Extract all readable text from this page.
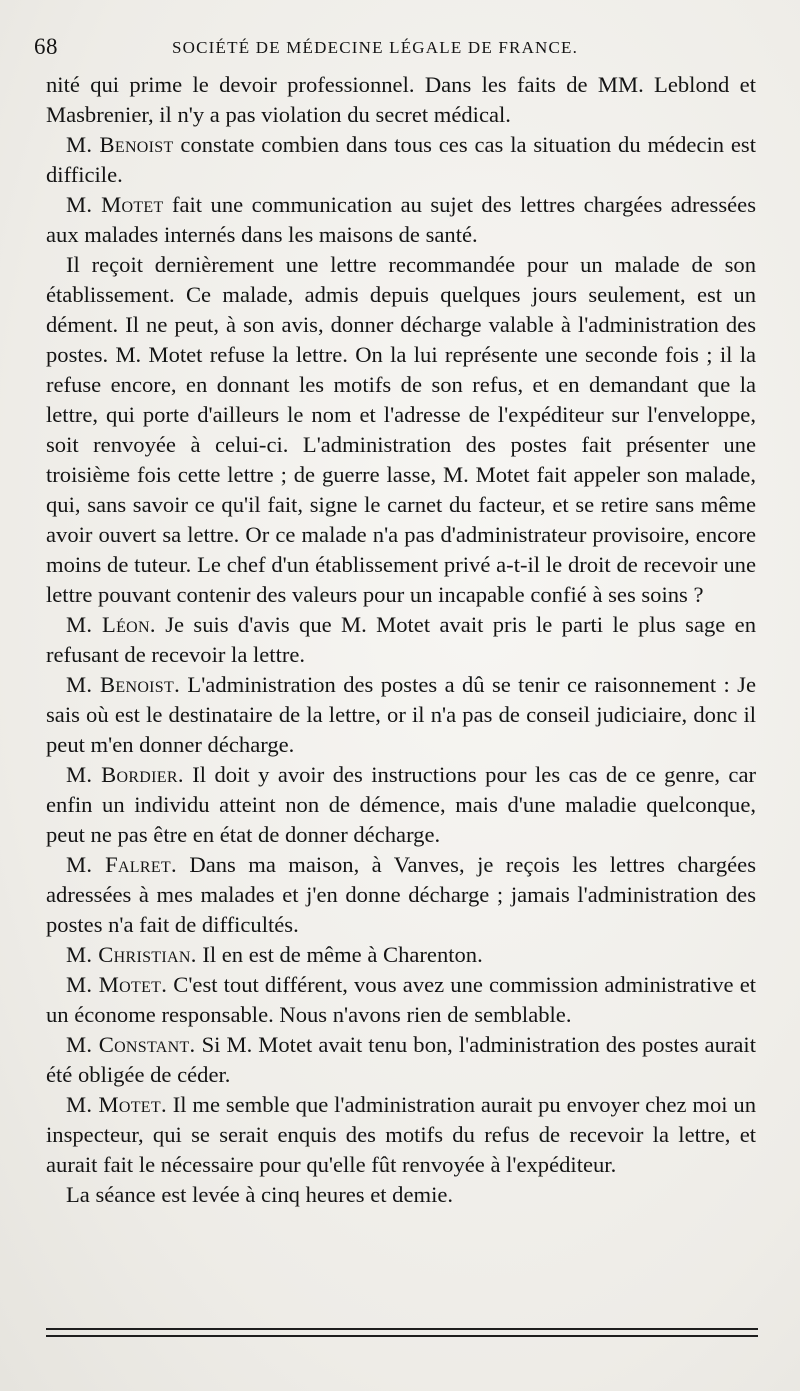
68	SOCIÉTÉ DE MÉDECINE LÉGALE DE FRANCE.

nité qui prime le devoir professionnel. Dans les faits de MM. Leblond et Masbrenier, il n'y a pas violation du secret médical.

M. Benoist constate combien dans tous ces cas la situation du médecin est difficile.

M. Motet fait une communication au sujet des lettres chargées adressées aux malades internés dans les maisons de santé.

Il reçoit dernièrement une lettre recommandée pour un malade de son établissement. Ce malade, admis depuis quelques jours seulement, est un dément. Il ne peut, à son avis, donner décharge valable à l'administration des postes. M. Motet refuse la lettre. On la lui représente une seconde fois ; il la refuse encore, en donnant les motifs de son refus, et en demandant que la lettre, qui porte d'ailleurs le nom et l'adresse de l'expéditeur sur l'enveloppe, soit renvoyée à celui-ci. L'administration des postes fait présenter une troisième fois cette lettre ; de guerre lasse, M. Motet fait appeler son malade, qui, sans savoir ce qu'il fait, signe le carnet du facteur, et se retire sans même avoir ouvert sa lettre. Or ce malade n'a pas d'administrateur provisoire, encore moins de tuteur. Le chef d'un établissement privé a-t-il le droit de recevoir une lettre pouvant contenir des valeurs pour un incapable confié à ses soins ?

M. Léon. Je suis d'avis que M. Motet avait pris le parti le plus sage en refusant de recevoir la lettre.

M. Benoist. L'administration des postes a dû se tenir ce raisonnement : Je sais où est le destinataire de la lettre, or il n'a pas de conseil judiciaire, donc il peut m'en donner décharge.

M. Bordier. Il doit y avoir des instructions pour les cas de ce genre, car enfin un individu atteint non de démence, mais d'une maladie quelconque, peut ne pas être en état de donner décharge.

M. Falret. Dans ma maison, à Vanves, je reçois les lettres chargées adressées à mes malades et j'en donne décharge ; jamais l'administration des postes n'a fait de difficultés.

M. Christian. Il en est de même à Charenton.

M. Motet. C'est tout différent, vous avez une commission administrative et un économe responsable. Nous n'avons rien de semblable.

M. Constant. Si M. Motet avait tenu bon, l'administration des postes aurait été obligée de céder.

M. Motet. Il me semble que l'administration aurait pu envoyer chez moi un inspecteur, qui se serait enquis des motifs du refus de recevoir la lettre, et aurait fait le nécessaire pour qu'elle fût renvoyée à l'expéditeur.

La séance est levée à cinq heures et demie.
